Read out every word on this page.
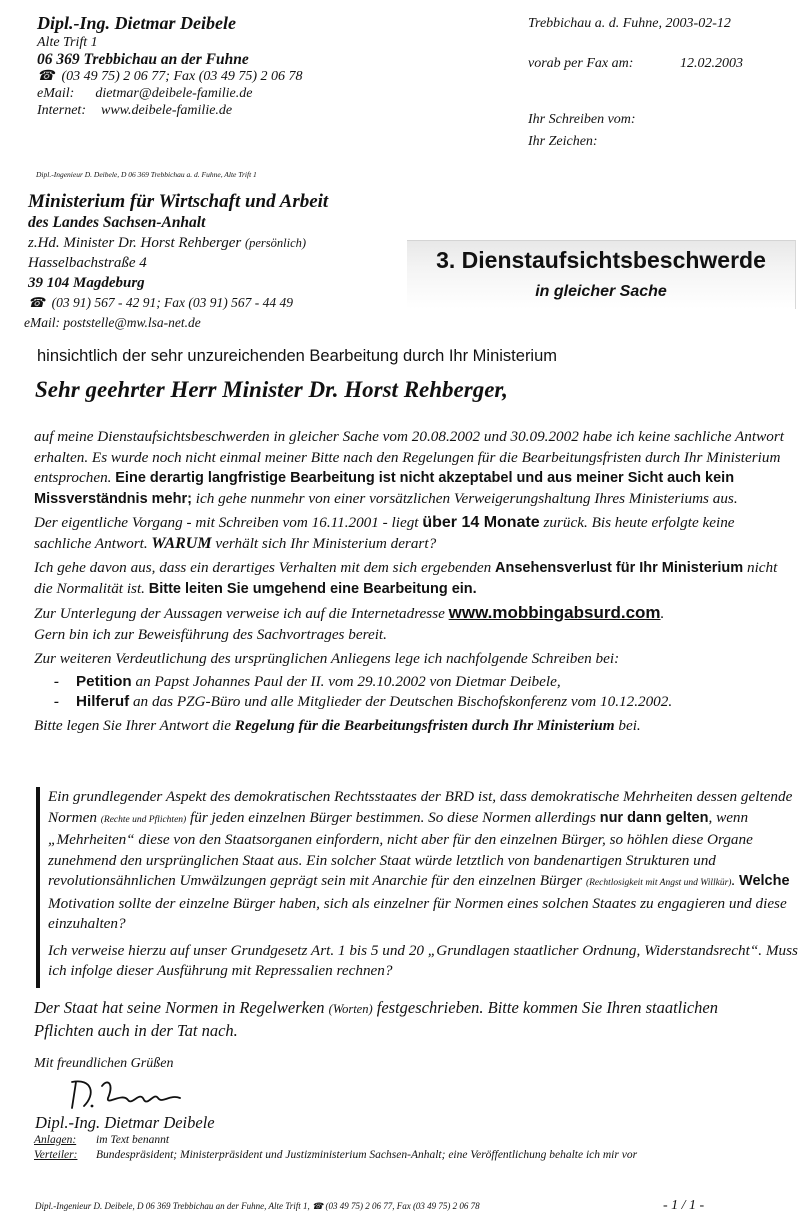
Dipl.-Ing. Dietmar Deibele
Alte Trift 1
06 369 Trebbichau an der Fuhne
☎  (03 49 75) 2 06 77; Fax (03 49 75) 2 06 78
eMail: dietmar@deibele-familie.de
Internet: www.deibele-familie.de
Trebbichau a. d. Fuhne, 2003-02-12
vorab per Fax am:	12.02.2003
Ihr Schreiben vom:
Ihr Zeichen:
Dipl.-Ingenieur D. Deibele, D 06 369 Trebbichau a. d. Fuhne, Alte Trift 1
Ministerium für Wirtschaft und Arbeit
des Landes Sachsen-Anhalt
z.Hd. Minister Dr. Horst Rehberger (persönlich)
Hasselbachstraße 4
39 104 Magdeburg
☎  (03 91) 567 - 42 91; Fax (03 91) 567 - 44 49
eMail: poststelle@mw.lsa-net.de
3. Dienstaufsichtsbeschwerde
in gleicher Sache
hinsichtlich der sehr unzureichenden Bearbeitung durch Ihr Ministerium
Sehr geehrter Herr Minister Dr. Horst Rehberger,

auf meine Dienstaufsichtsbeschwerden in gleicher Sache vom 20.08.2002 und 30.09.2002 habe ich keine sachliche Antwort erhalten. Es wurde noch nicht einmal meiner Bitte nach den Regelungen für die Bearbeitungsfristen durch Ihr Ministerium entsprochen. Eine derartig langfristige Bearbeitung ist nicht akzeptabel und aus meiner Sicht auch kein Missverständnis mehr; ich gehe nunmehr von einer vorsätzlichen Verweigerungshaltung Ihres Ministeriums aus.

Der eigentliche Vorgang - mit Schreiben vom 16.11.2001 - liegt über 14 Monate zurück. Bis heute erfolgte keine sachliche Antwort. WARUM verhält sich Ihr Ministerium derart?

Ich gehe davon aus, dass ein derartiges Verhalten mit dem sich ergebenden Ansehensverlust für Ihr Ministerium nicht die Normalität ist. Bitte leiten Sie umgehend eine Bearbeitung ein.

Zur Unterlegung der Aussagen verweise ich auf die Internetadresse www.mobbingabsurd.com.
Gern bin ich zur Beweisführung des Sachvortrages bereit.

Zur weiteren Verdeutlichung des ursprünglichen Anliegens lege ich nachfolgende Schreiben bei:

- Petition an Papst Johannes Paul der II. vom 29.10.2002 von Dietmar Deibele,
- Hilferuf an das PZG-Büro und alle Mitglieder der Deutschen Bischofskonferenz vom 10.12.2002.

Bitte legen Sie Ihrer Antwort die Regelung für die Bearbeitungsfristen durch Ihr Ministerium bei.

Ein grundlegender Aspekt des demokratischen Rechtsstaates der BRD ist, dass demokratische Mehrheiten dessen geltende Normen (Rechte und Pflichten) für jeden einzelnen Bürger bestimmen. So diese Normen allerdings nur dann gelten, wenn „Mehrheiten“ diese von den Staatsorganen einfordern, nicht aber für den einzelnen Bürger, so höhlen diese Organe zunehmend den ursprünglichen Staat aus. Ein solcher Staat würde letztlich von bandenartigen Strukturen und revolutionsähnlichen Umwälzungen geprägt sein mit Anarchie für den einzelnen Bürger (Rechtlosigkeit mit Angst und Willkür). Welche Motivation sollte der einzelne Bürger haben, sich als einzelner für Normen eines solchen Staates zu engagieren und diese einzuhalten?

Ich verweise hierzu auf unser Grundgesetz Art. 1 bis 5 und 20 „Grundlagen staatlicher Ordnung, Widerstandsrecht“. Muss ich infolge dieser Ausführung mit Repressalien rechnen?

Der Staat hat seine Normen in Regelwerken (Worten) festgeschrieben. Bitte kommen Sie Ihren staatlichen Pflichten auch in der Tat nach.
Mit freundlichen Grüßen
Dipl.-Ing. Dietmar Deibele
Anlagen: im Text benannt
Verteiler: Bundespräsident; Ministerpräsident und Justizministerium Sachsen-Anhalt; eine Veröffentlichung behalte ich mir vor
Dipl.-Ingenieur D. Deibele, D 06 369 Trebbichau an der Fuhne, Alte Trift 1, ☎ (03 49 75) 2 06 77, Fax (03 49 75) 2 06 78	- 1 / 1 -
